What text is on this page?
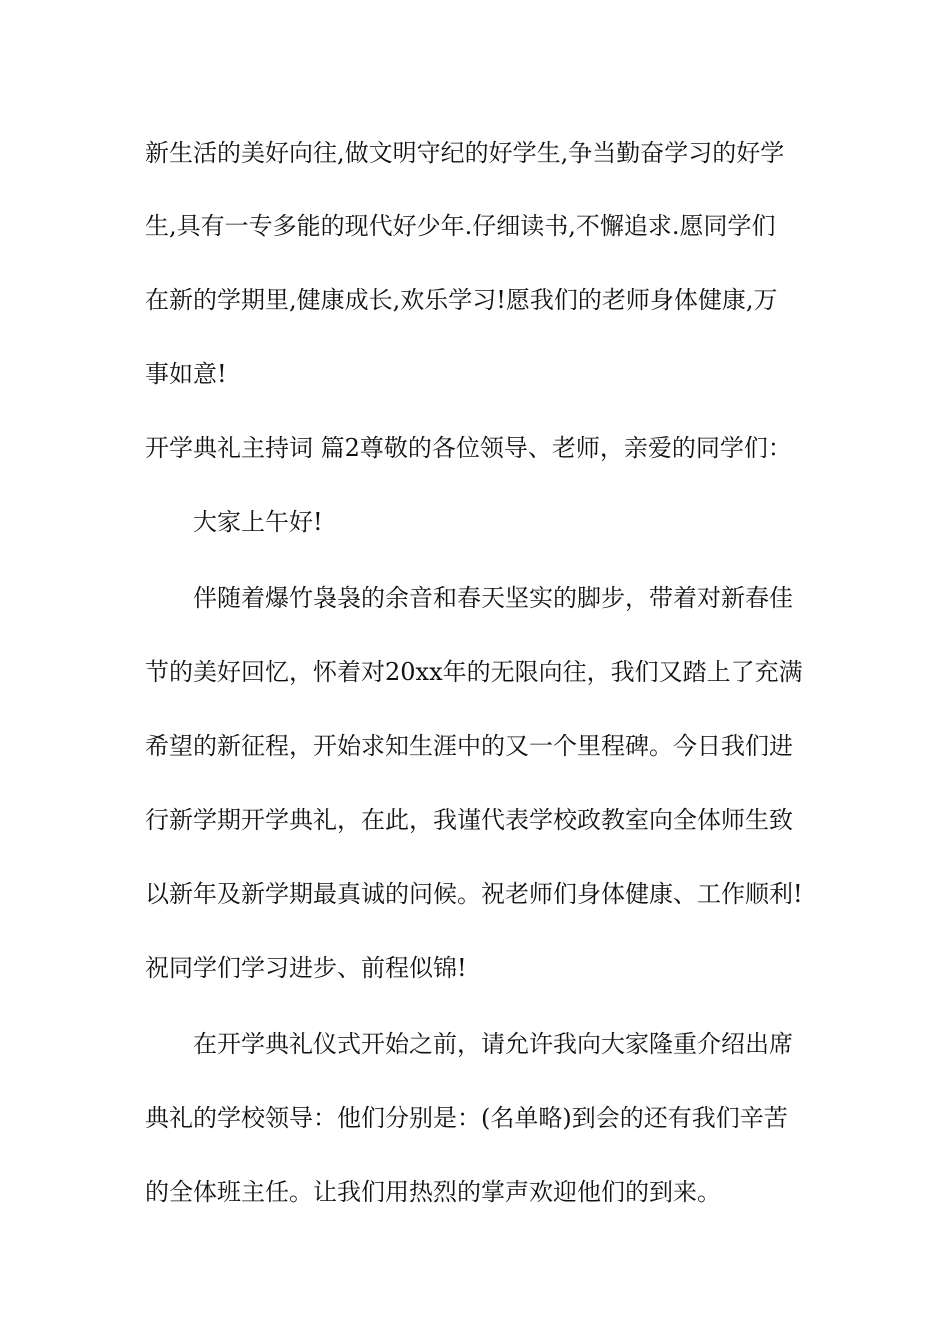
新生活的美好向往,做文明守纪的好学生,争当勤奋学习的好学
生,具有一专多能的现代好少年.仔细读书,不懈追求.愿同学们
在新的学期里,健康成长,欢乐学习!愿我们的老师身体健康,万
事如意!
开学典礼主持词 篇2尊敬的各位领导、老师，亲爱的同学们：
大家上午好!
伴随着爆竹袅袅的余音和春天坚实的脚步，带着对新春佳
节的美好回忆，怀着对20xx年的无限向往，我们又踏上了充满
希望的新征程，开始求知生涯中的又一个里程碑。今日我们进
行新学期开学典礼，在此，我谨代表学校政教室向全体师生致
以新年及新学期最真诚的问候。祝老师们身体健康、工作顺利!
祝同学们学习进步、前程似锦!
在开学典礼仪式开始之前，请允许我向大家隆重介绍出席
典礼的学校领导：他们分别是：(名单略)到会的还有我们辛苦
的全体班主任。让我们用热烈的掌声欢迎他们的到来。
